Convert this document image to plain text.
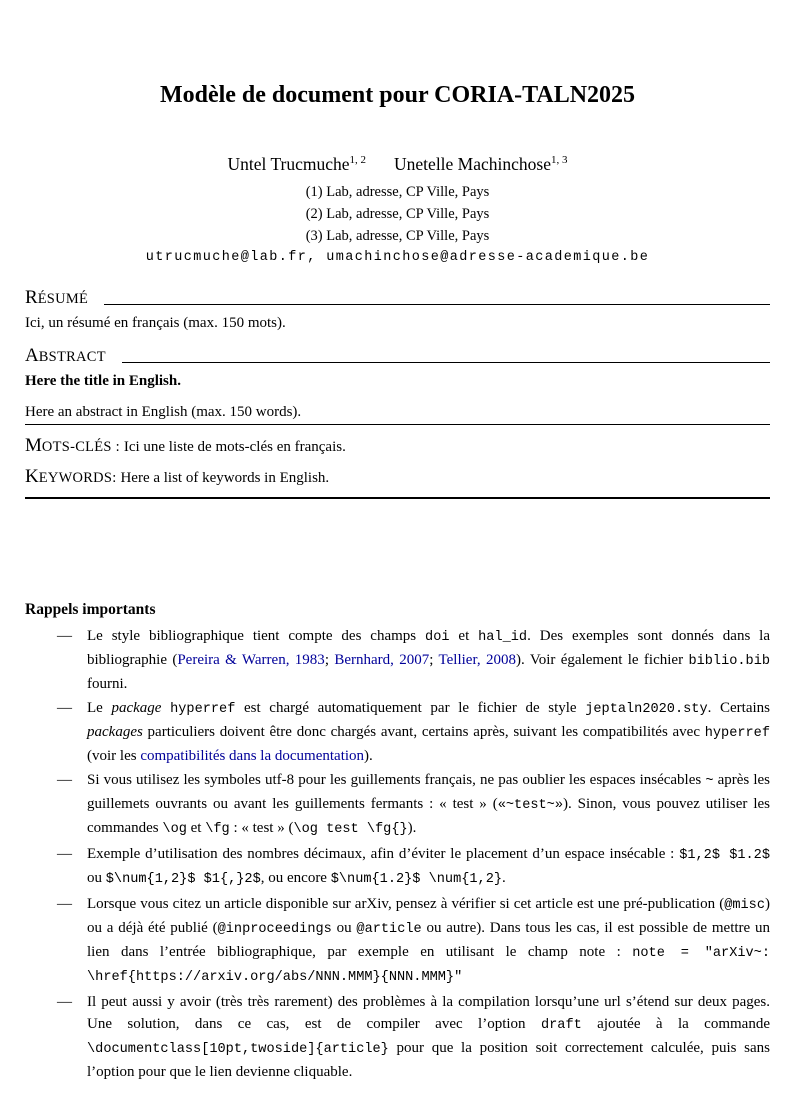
Modèle de document pour CORIA-TALN2025
Untel Trucmuche$^{1, 2}$ Unetelle Machinchose$^{1, 3}$

(1) Lab, adresse, CP Ville, Pays

(2) Lab, adresse, CP Ville, Pays

(3) Lab, adresse, CP Ville, Pays

utrucmuche@lab.fr, umachinchose@adresse-academique.be

RÉSUMÉ

Ici, un résumé en français (max. 150 mots).

ABSTRACT

Here the title in English.

Here an abstract in English (max. 150 words).

MOTS-CLÉS : Ici une liste de mots-clés en français.

KEYWORDS: Here a list of keywords in English.

Rappels importants

— Le style bibliographique tient compte des champs doi et hal_id. Des exemples sont donnés dans la bibliographie (Pereira & Warren, 1983; Bernhard, 2007; Tellier, 2008). Voir également le fichier biblio.bib fourni.
— Le package hyperref est chargé automatiquement par le fichier de style jeptaln2020.sty. Certains packages particuliers doivent être donc chargés avant, certains après, suivant les compatibilités avec hyperref (voir les compatibilités dans la documentation).
— Si vous utilisez les symboles utf-8 pour les guillements français, ne pas oublier les espaces insécables ~ après les guillemets ouvrants ou avant les guillements fermants : « test » («~test~»). Sinon, vous pouvez utiliser les commandes \og et \fg : « test » (\og test \fg{}).
— Exemple d’utilisation des nombres décimaux, afin d’éviter le placement d’un espace insécable : $1,2$ $1.2$ ou $\num{1,2}$ $1{,}2$, ou encore $\num{1.2}$ \num{1,2}.
— Lorsque vous citez un article disponible sur arXiv, pensez à vérifier si cet article est une pré-publication (@misc) ou a déjà été publié (@inproceedings ou @article ou autre). Dans tous les cas, il est possible de mettre un lien dans l’entrée bibliographique, par exemple en utilisant le champ note : note = "arXiv~: \href{https://arxiv.org/abs/NNN.MMM}{NNN.MMM}"
— Il peut aussi y avoir (très très rarement) des problèmes à la compilation lorsqu’une url s’étend sur deux pages. Une solution, dans ce cas, est de compiler avec l’option draft ajoutée à la commande \documentclass[10pt,twoside]{article} pour que la position soit correctement calculée, puis sans l’option pour que le lien devienne cliquable.
